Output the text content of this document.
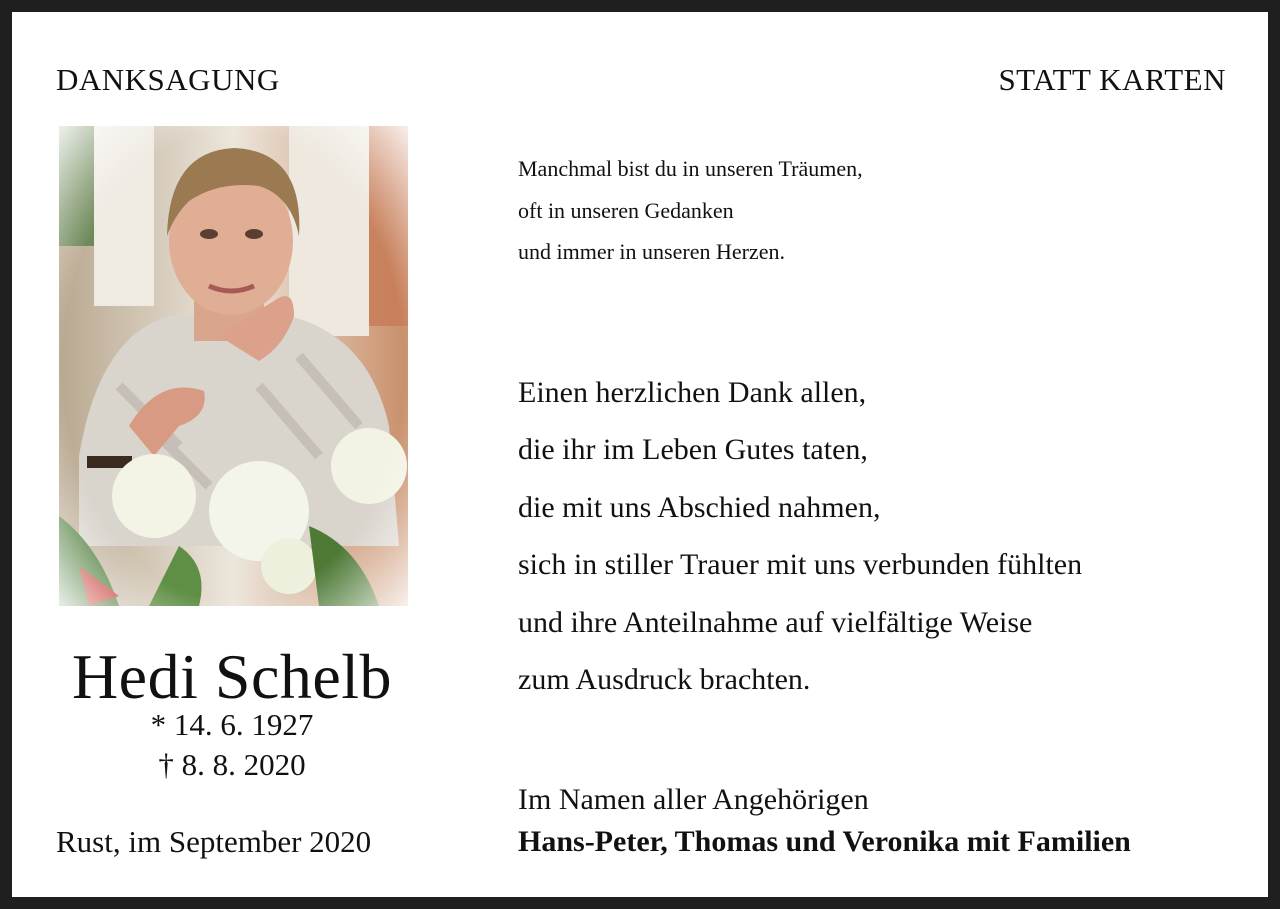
DANKSAGUNG	STATT KARTEN
Hedi Schelb
* 14. 6. 1927
† 8. 8. 2020
Rust, im September 2020
Manchmal bist du in unseren Träumen,
oft in unseren Gedanken
und immer in unseren Herzen.
Einen herzlichen Dank allen,
die ihr im Leben Gutes taten,
die mit uns Abschied nahmen,
sich in stiller Trauer mit uns verbunden fühlten
und ihre Anteilnahme auf vielfältige Weise
zum Ausdruck brachten.
Im Namen aller Angehörigen
Hans-Peter, Thomas und Veronika mit Familien
